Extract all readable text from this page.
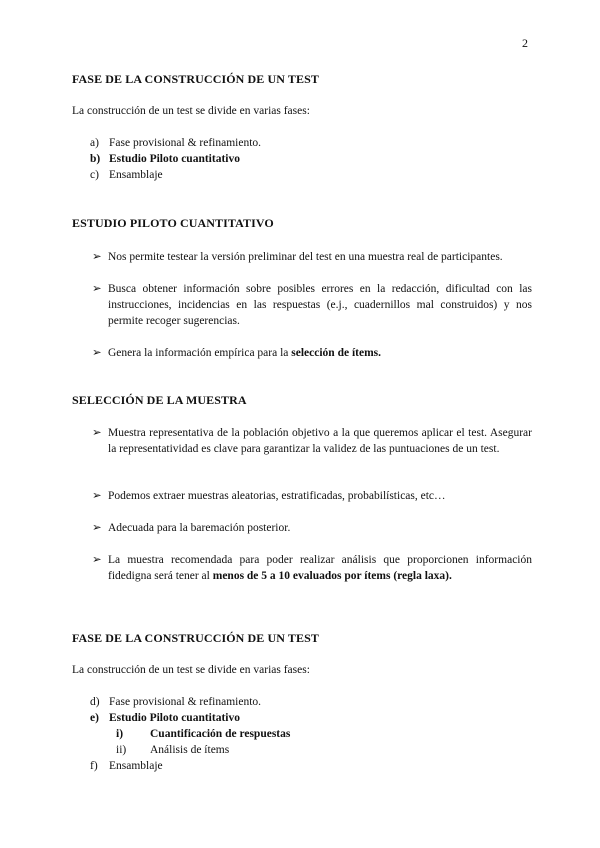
2
FASE DE LA CONSTRUCCIÓN DE UN TEST
La construcción de un test se divide en varias fases:
a) Fase provisional & refinamiento.
b) Estudio Piloto cuantitativo
c) Ensamblaje
ESTUDIO PILOTO CUANTITATIVO
➢ Nos permite testear la versión preliminar del test en una muestra real de participantes.
➢ Busca obtener información sobre posibles errores en la redacción, dificultad con las instrucciones, incidencias en las respuestas (e.j., cuadernillos mal construidos) y nos permite recoger sugerencias.
➢ Genera la información empírica para la selección de ítems.
SELECCIÓN DE LA MUESTRA
➢ Muestra representativa de la población objetivo a la que queremos aplicar el test. Asegurar la representatividad es clave para garantizar la validez de las puntuaciones de un test.
➢ Podemos extraer muestras aleatorias, estratificadas, probabilísticas, etc…
➢ Adecuada para la baremación posterior.
➢ La muestra recomendada para poder realizar análisis que proporcionen información fidedigna será tener al menos de 5 a 10 evaluados por ítems (regla laxa).
FASE DE LA CONSTRUCCIÓN DE UN TEST
La construcción de un test se divide en varias fases:
d) Fase provisional & refinamiento.
e) Estudio Piloto cuantitativo
i) Cuantificación de respuestas
ii) Análisis de ítems
f) Ensamblaje
